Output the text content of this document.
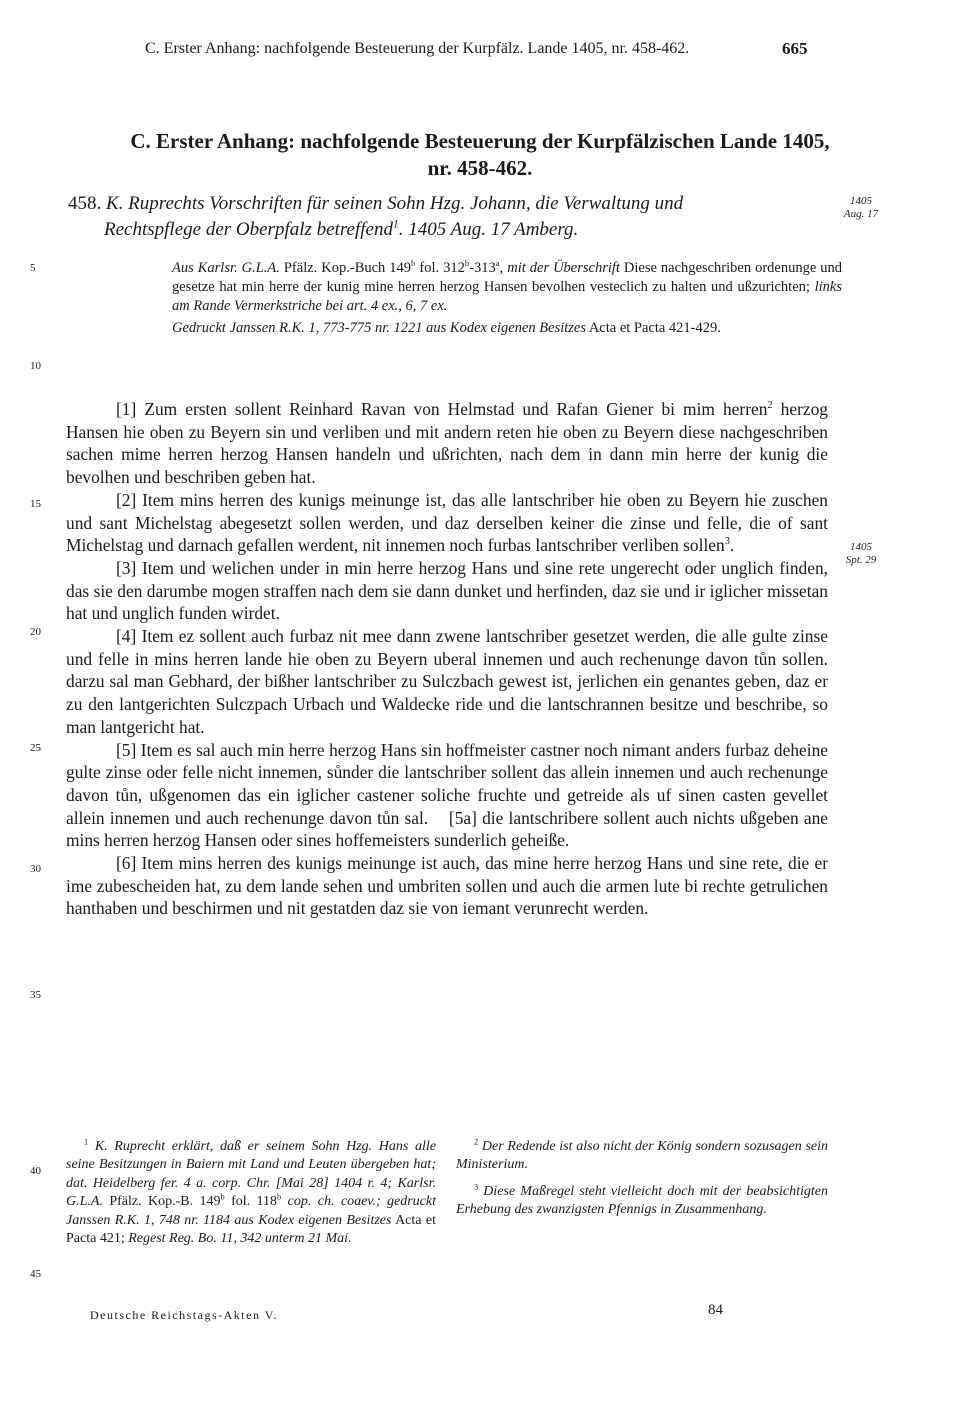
C. Erster Anhang: nachfolgende Besteuerung der Kurpfälz. Lande 1405, nr. 458-462.	665
C. Erster Anhang: nachfolgende Besteuerung der Kurpfälzischen Lande 1405,
nr. 458-462.
458. K. Ruprechts Vorschriften für seinen Sohn Hzg. Johann, die Verwaltung und
Rechtspflege der Oberpfalz betreffend$^1$. 1405 Aug. 17 Amberg.
1405
Aug. 17
5
10
15
20
25
30
35
40
45
Aus Karlsr. G.L.A. Pfälz. Kop.-Buch 149$^b$ fol. 312$^b$-313$^a$, mit der Überschrift Diese nachgeschriben ordenunge und gesetze hat min herre der kunig mine herren herzog Hansen bevolhen vesteclich zu halten und ußzurichten; links am Rande Vermerkstriche bei art. 4 ex., 6, 7 ex.
Gedruckt Janssen R.K. 1, 773-775 nr. 1221 aus Kodex eigenen Besitzes Acta et Pacta 421-429.

[1] Zum ersten sollent Reinhard Ravan von Helmstad und Rafan Giener bi mim herren$^2$ herzog Hansen hie oben zu Beyern sin und verliben und mit andern reten hie oben zu Beyern diese nachgeschriben sachen mime herren herzog Hansen handeln und ußrichten, nach dem in dann min herre der kunig die bevolhen und beschriben geben hat.

[2] Item mins herren des kunigs meinunge ist, das alle lantschriber hie oben zu Beyern hie zuschen und sant Michelstag abegesetzt sollen werden, und daz derselben keiner die zinse und felle, die of sant Michelstag und darnach gefallen werdent, nit innemen noch furbas lantschriber verliben sollen$^3$.

[3] Item und welichen under in min herre herzog Hans und sine rete ungerecht oder unglich finden, das sie den darumbe mogen straffen nach dem sie dann dunket und herfinden, daz sie und ir iglicher missetan hat und unglich funden wirdet.

[4] Item ez sollent auch furbaz nit mee dann zwene lantschriber gesetzet werden, die alle gulte zinse und felle in mins herren lande hie oben zu Beyern uberal innemen und auch rechenunge davon tůn sollen. darzu sal man Gebhard, der bißher lantschriber zu Sulczbach gewest ist, jerlichen ein genantes geben, daz er zu den lantgerichten Sulczpach Urbach und Waldecke ride und die lantschrannen besitze und beschribe, so man lantgericht hat.

[5] Item es sal auch min herre herzog Hans sin hoffmeister castner noch nimant anders furbaz deheine gulte zinse oder felle nicht innemen, sůnder die lantschriber sollent das allein innemen und auch rechenunge davon tůn, ußgenomen das ein iglicher castener soliche fruchte und getreide als uf sinen casten gevellet allein innemen und auch rechenunge davon tůn sal. [5a] die lantschribere sollent auch nichts ußgeben ane mins herren herzog Hansen oder sines hoffemeisters sunderlich geheiße.

[6] Item mins herren des kunigs meinunge ist auch, das mine herre herzog Hans und sine rete, die er ime zubescheiden hat, zu dem lande sehen und umbriten sollen und auch die armen lute bi rechte getrulichen hanthaben und beschirmen und nit gestatden daz sie von iemant verunrecht werden.

1405
Spt. 29
$^1$ K. Ruprecht erklärt, daß er seinem Sohn Hzg. Hans alle seine Besitzungen in Baiern mit Land und Leuten übergeben hat; dat. Heidelberg fer. 4 a. corp. Chr. [Mai 28] 1404 r. 4; Karlsr. G.L.A. Pfälz. Kop.-B. 149$^b$ fol. 118$^b$ cop. ch. coaev.; gedruckt Janssen R.K. 1, 748 nr. 1184 aus Kodex eigenen Besitzes Acta et Pacta 421; Regest Reg. Bo. 11, 342 unterm 21 Mai.
$^2$ Der Redende ist also nicht der König sondern sozusagen sein Ministerium.
$^3$ Diese Maßregel steht vielleicht doch mit der beabsichtigten Erhebung des zwanzigsten Pfennigs in Zusammenhang.
Deutsche Reichstags-Akten V.	84
